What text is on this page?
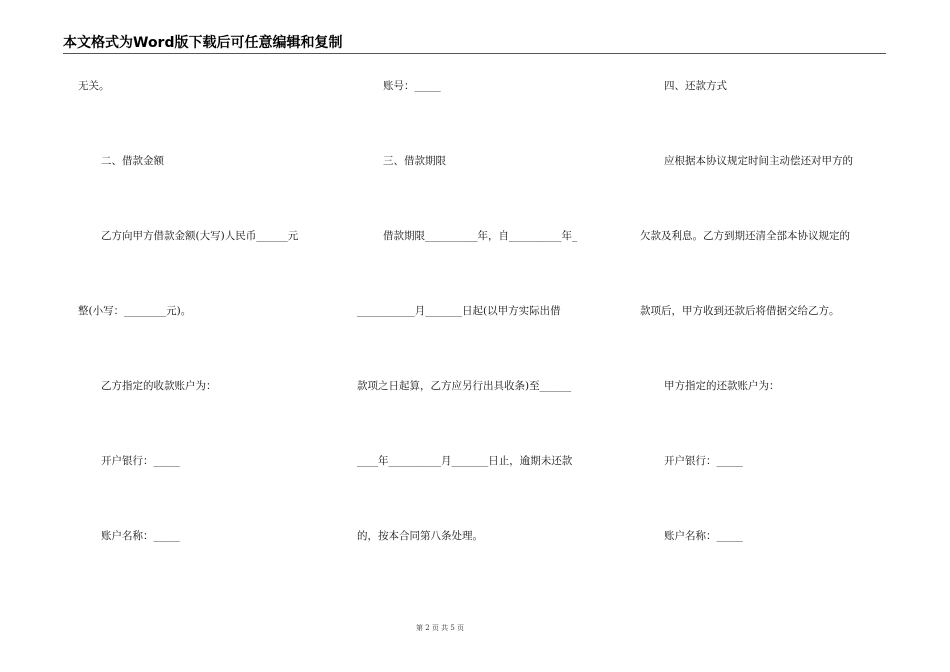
本文格式为Word版下载后可任意编辑和复制
无关。
二、借款金额
乙方向甲方借款金额(大写)人民币______元
整(小写：________元)。
乙方指定的收款账户为：
开户银行：_____
账户名称：_____
账号：_____
三、借款期限
借款期限__________年，自__________年_
___________月_______日起(以甲方实际出借
款项之日起算，乙方应另行出具收条)至______
____年__________月_______日止，逾期未还款
的，按本合同第八条处理。
四、还款方式
应根据本协议规定时间主动偿还对甲方的
欠款及利息。乙方到期还清全部本协议规定的
款项后，甲方收到还款后将借据交给乙方。
甲方指定的还款账户为：
开户银行：_____
账户名称：_____
第 2 页 共 5 页
